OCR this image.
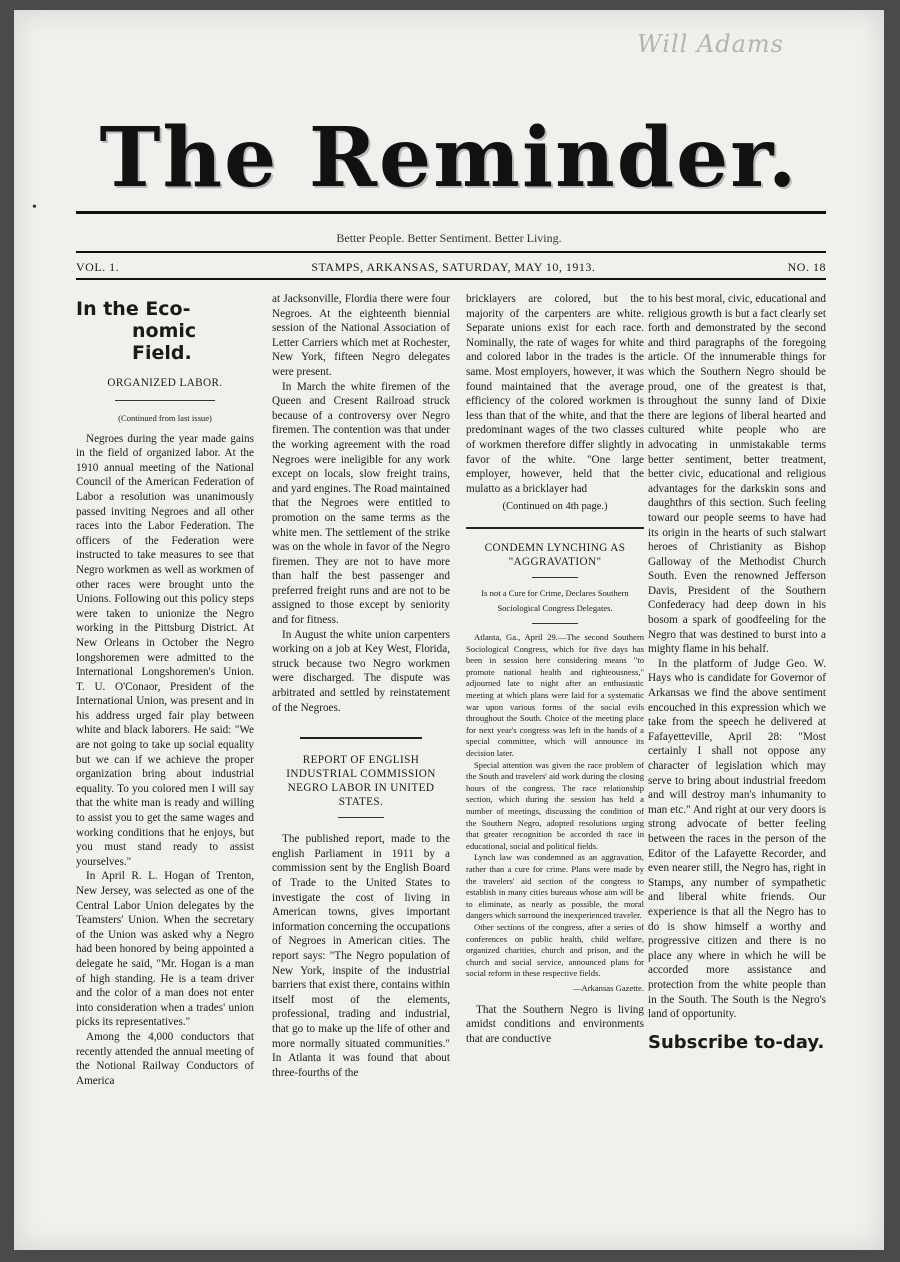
Will Adams
The Reminder.
Better People. Better Sentiment. Better Living.
VOL. 1.	STAMPS, ARKANSAS, SATURDAY, MAY 10, 1913.	NO. 18
•
In the Eco-
nomic Field.
ORGANIZED LABOR.
(Continued from last issue)

Negroes during the year made gains in the field of organized labor. At the 1910 annual meeting of the National Council of the American Federation of Labor a resolution was unanimously passed inviting Negroes and all other races into the Labor Federation. The officers of the Federation were instructed to take measures to see that Negro workmen as well as workmen of other races were brought unto the Unions. Following out this policy steps were taken to unionize the Negro working in the Pittsburg District. At New Orleans in October the Negro longshoremen were admitted to the International Longshoremen's Union. T. U. O'Conaor, President of the International Union, was present and in his address urged fair play between white and black laborers. He said: "We are not going to take up social equality but we can if we achieve the proper organization bring about industrial equality. To you colored men I will say that the white man is ready and willing to assist you to get the same wages and working conditions that he enjoys, but you must stand ready to assist yourselves."

In April R. L. Hogan of Trenton, New Jersey, was selected as one of the Central Labor Union delegates by the Teamsters' Union. When the secretary of the Union was asked why a Negro had been honored by being appointed a delegate he said, "Mr. Hogan is a man of high standing. He is a team driver and the color of a man does not enter into consideration when a trades' union picks its representatives."

Among the 4,000 conductors that recently attended the annual meeting of the Notional Railway Conductors of America

at Jacksonville, Flordia there were four Negroes. At the eighteenth biennial session of the National Association of Letter Carriers which met at Rochester, New York, fifteen Negro delegates were present.

In March the white firemen of the Queen and Cresent Railroad struck because of a controversy over Negro firemen. The contention was that under the working agreement with the road Negroes were ineligible for any work except on locals, slow freight trains, and yard engines. The Road maintained that the Negroes were entitled to promotion on the same terms as the white men. The settlement of the strike was on the whole in favor of the Negro firemen. They are not to have more than half the best passenger and preferred freight runs and are not to be assigned to those except by seniority and for fitness.

In August the white union carpenters working on a job at Key West, Florida, struck because two Negro workmen were discharged. The dispute was arbitrated and settled by reinstatement of the Negroes.

REPORT OF ENGLISH INDUSTRIAL COMMISSION NEGRO LABOR IN UNITED STATES.

The published report, made to the english Parliament in 1911 by a commission sent by the English Board of Trade to the United States to investigate the cost of living in American towns, gives important information concerning the occupations of Negroes in American cities. The report says: "The Negro population of New York, inspite of the industrial barriers that exist there, contains within itself most of the elements, professional, trading and industrial, that go to make up the life of other and more normally situated communities." In Atlanta it was found that about three-fourths of the

bricklayers are colored, but the majority of the carpenters are white. Separate unions exist for each race. Nominally, the rate of wages for white and colored labor in the trades is the same. Most employers, however, it was found maintained that the average efficiency of the colored workmen is less than that of the white, and that the predominant wages of the two classes of workmen therefore differ slightly in favor of the white. "One large employer, however, held that the mulatto as a bricklayer had

(Continued on 4th page.)
CONDEMN LYNCHING AS "AGGRAVATION"
Is not a Cure for Crime, Declares Southern Sociological Congress Delegates.

Atlanta, Ga., April 29.—The second Southern Sociological Congress, which for five days has been in session here considering means "to promote national health and righteousness," adjourned late to night after an enthusiastic meeting at which plans were laid for a systematic war upon various forms of the social evils throughout the South. Choice of the meeting place for next year's congress was left in the hands of a special committee, which will announce its decision later.

Special attention was given the race problem of the South and travelers' aid work during the closing hours of the congress. The race relationship section, which during the session has held a number of meetings, discussing the condition of the Southern Negro, adopted resolutions urging that greater recognition be accorded th race in educational, social and political fields.

Lynch law was condemned as an aggravation, rather than a cure for crime. Plans were made by the travelers' aid section of the congress to establish in many cities bureaus whose aim will be to eliminate, as nearly as possible, the moral dangers which surround the inexperienced traveler.

Other sections of the congress, after a series of conferences on public health, child welfare, organized charities, church and prison, and the church and social service, announced plans for social reform in these respective fields.

—Arkansas Gazette.

That the Southern Negro is living amidst conditions and environments that are conductive

to his best moral, civic, educational and religious growth is but a fact clearly set forth and demonstrated by the second and third paragraphs of the foregoing article. Of the innumerable things for which the Southern Negro should be proud, one of the greatest is that, throughout the sunny land of Dixie there are legions of liberal hearted and cultured white people who are advocating in unmistakable terms better sentiment, better treatment, better civic, educational and religious advantages for the darkskin sons and daughthrs of this section. Such feeling toward our people seems to have had its origin in the hearts of such stalwart heroes of Christianity as Bishop Galloway of the Methodist Church South. Even the renowned Jefferson Davis, President of the Southern Confederacy had deep down in his bosom a spark of goodfeeling for the Negro that was destined to burst into a mighty flame in his behalf.

In the platform of Judge Geo. W. Hays who is candidate for Governor of Arkansas we find the above sentiment encouched in this expression which we take from the speech he delivered at Fafayetteville, April 28: "Most certainly I shall not oppose any character of legislation which may serve to bring about industrial freedom and will destroy man's inhumanity to man etc." And right at our very doors is strong advocate of better feeling between the races in the person of the Editor of the Lafayette Recorder, and even nearer still, the Negro has, right in Stamps, any number of sympathetic and liberal white friends. Our experience is that all the Negro has to do is show himself a worthy and progressive citizen and there is no place any where in which he will be accorded more assistance and protection from the white people than in the South. The South is the Negro's land of opportunity.

Subscribe to-day.
